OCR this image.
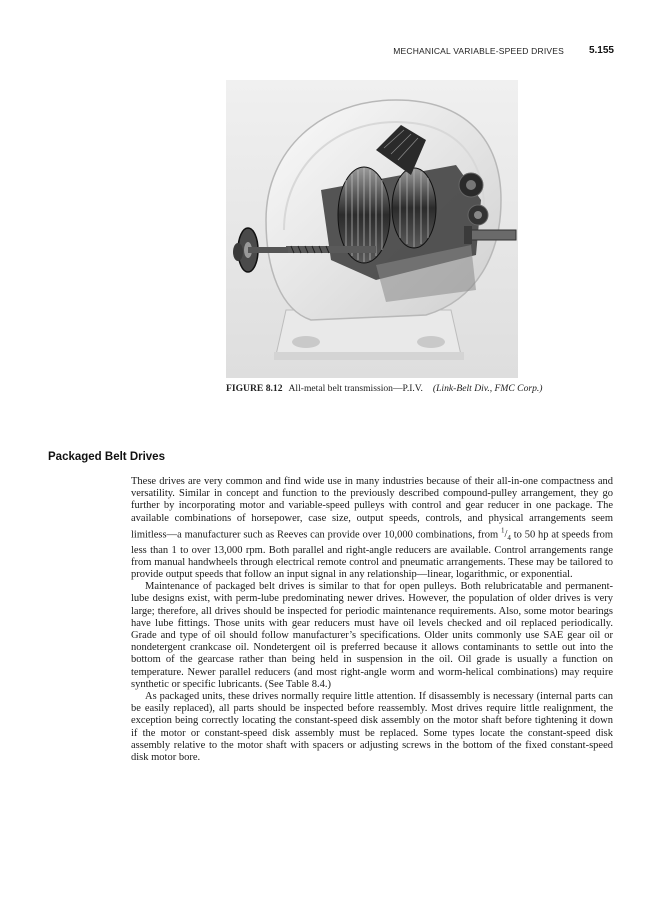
MECHANICAL VARIABLE-SPEED DRIVES 5.155
FIGURE 8.12 All-metal belt transmission—P.I.V. (Link-Belt Div., FMC Corp.)
Packaged Belt Drives

These drives are very common and find wide use in many industries because of their all-in-one compactness and versatility. Similar in concept and function to the previously described compound-pulley arrangement, they go further by incorporating motor and variable-speed pulleys with control and gear reducer in one package. The available combinations of horsepower, case size, output speeds, controls, and physical arrangements seem limitless—a manufacturer such as Reeves can provide over 10,000 combinations, from $^1/_4$ to 50 hp at speeds from less than 1 to over 13,000 rpm. Both parallel and right-angle reducers are available. Control arrangements range from manual handwheels through electrical remote control and pneumatic arrangements. These may be tailored to provide output speeds that follow an input signal in any relationship—linear, logarithmic, or exponential.

Maintenance of packaged belt drives is similar to that for open pulleys. Both relubricatable and permanent-lube designs exist, with perm-lube predominating newer drives. However, the population of older drives is very large; therefore, all drives should be inspected for periodic maintenance requirements. Also, some motor bearings have lube fittings. Those units with gear reducers must have oil levels checked and oil replaced periodically. Grade and type of oil should follow manufacturer’s specifications. Older units commonly use SAE gear oil or nondetergent crankcase oil. Nondetergent oil is preferred because it allows contaminants to settle out into the bottom of the gearcase rather than being held in suspension in the oil. Oil grade is usually a function on temperature. Newer parallel reducers (and most right-angle worm and worm-helical combinations) may require synthetic or specific lubricants. (See Table 8.4.)

As packaged units, these drives normally require little attention. If disassembly is necessary (internal parts can be easily replaced), all parts should be inspected before reassembly. Most drives require little realignment, the exception being correctly locating the constant-speed disk assembly on the motor shaft before tightening it down if the motor or constant-speed disk assembly must be replaced. Some types locate the constant-speed disk assembly relative to the motor shaft with spacers or adjusting screws in the bottom of the fixed constant-speed disk motor bore.
